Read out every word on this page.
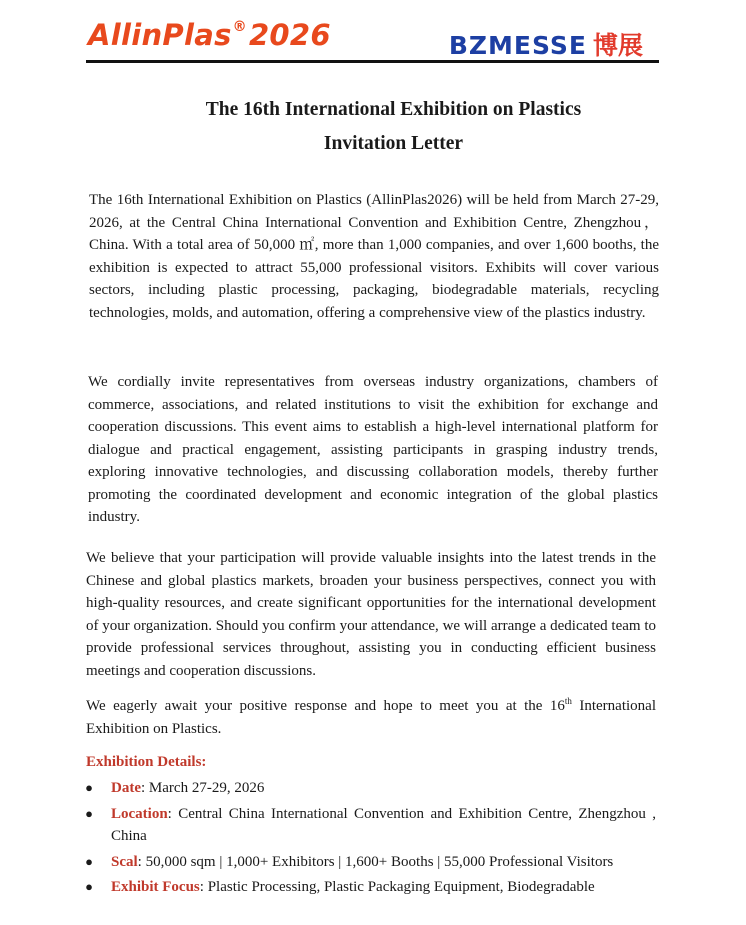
AllinPlas®2026	BZMESSE 博展
The 16th International Exhibition on Plastics
Invitation Letter
The 16th International Exhibition on Plastics (AllinPlas2026) will be held from March 27-29, 2026, at the Central China International Convention and Exhibition Centre, Zhengzhou，China. With a total area of 50,000 ㎡, more than 1,000 companies, and over 1,600 booths, the exhibition is expected to attract 55,000 professional visitors. Exhibits will cover various sectors, including plastic processing, packaging, biodegradable materials, recycling technologies, molds, and automation, offering a comprehensive view of the plastics industry.
We cordially invite representatives from overseas industry organizations, chambers of commerce, associations, and related institutions to visit the exhibition for exchange and cooperation discussions. This event aims to establish a high-level international platform for dialogue and practical engagement, assisting participants in grasping industry trends, exploring innovative technologies, and discussing collaboration models, thereby further promoting the coordinated development and economic integration of the global plastics industry.
We believe that your participation will provide valuable insights into the latest trends in the Chinese and global plastics markets, broaden your business perspectives, connect you with high-quality resources, and create significant opportunities for the international development of your organization. Should you confirm your attendance, we will arrange a dedicated team to provide professional services throughout, assisting you in conducting efficient business meetings and cooperation discussions.
We eagerly await your positive response and hope to meet you at the 16th International Exhibition on Plastics.
Exhibition Details:
● Date: March 27-29, 2026
● Location: Central China International Convention and Exhibition Centre, Zhengzhou , China
● Scal: 50,000 sqm | 1,000+ Exhibitors | 1,600+ Booths | 55,000 Professional Visitors
● Exhibit Focus: Plastic Processing, Plastic Packaging Equipment, Biodegradable
